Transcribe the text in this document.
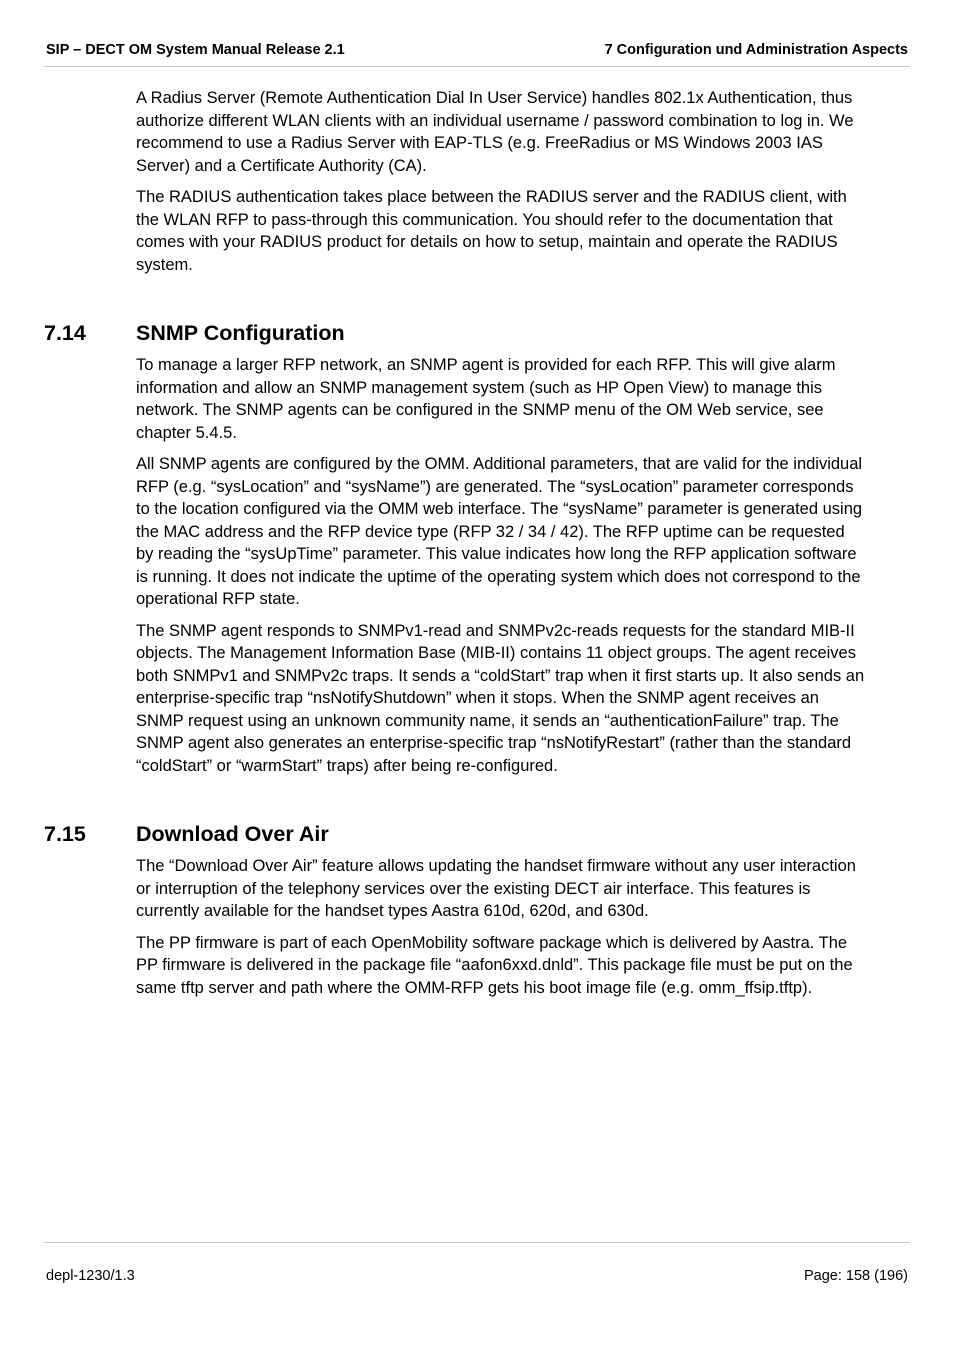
SIP – DECT OM System Manual Release 2.1	7 Configuration und Administration Aspects

A Radius Server (Remote Authentication Dial In User Service) handles 802.1x Authentication, thus authorize different WLAN clients with an individual username / password combination to log in. We recommend to use a Radius Server with EAP-TLS (e.g. FreeRadius or MS Windows 2003 IAS Server) and a Certificate Authority (CA).

The RADIUS authentication takes place between the RADIUS server and the RADIUS client, with the WLAN RFP to pass-through this communication. You should refer to the documentation that comes with your RADIUS product for details on how to setup, maintain and operate the RADIUS system.

7.14 SNMP Configuration

To manage a larger RFP network, an SNMP agent is provided for each RFP. This will give alarm information and allow an SNMP management system (such as HP Open View) to manage this network. The SNMP agents can be configured in the SNMP menu of the OM Web service, see chapter 5.4.5.

All SNMP agents are configured by the OMM. Additional parameters, that are valid for the individual RFP (e.g. “sysLocation” and “sysName”) are generated. The “sysLocation” parameter corresponds to the location configured via the OMM web interface. The “sysName” parameter is generated using the MAC address and the RFP device type (RFP 32 / 34 / 42). The RFP uptime can be requested by reading the “sysUpTime” parameter. This value indicates how long the RFP application software is running. It does not indicate the uptime of the operating system which does not correspond to the operational RFP state.

The SNMP agent responds to SNMPv1-read and SNMPv2c-reads requests for the standard MIB-II objects. The Management Information Base (MIB-II) contains 11 object groups. The agent receives both SNMPv1 and SNMPv2c traps. It sends a “coldStart” trap when it first starts up. It also sends an enterprise-specific trap “nsNotifyShutdown” when it stops. When the SNMP agent receives an SNMP request using an unknown community name, it sends an “authenticationFailure” trap. The SNMP agent also generates an enterprise-specific trap “nsNotifyRestart” (rather than the standard “coldStart” or “warmStart” traps) after being re-configured.

7.15 Download Over Air

The “Download Over Air” feature allows updating the handset firmware without any user interaction or interruption of the telephony services over the existing DECT air interface. This features is currently available for the handset types Aastra 610d, 620d, and 630d.

The PP firmware is part of each OpenMobility software package which is delivered by Aastra. The PP firmware is delivered in the package file “aafon6xxd.dnld”. This package file must be put on the same tftp server and path where the OMM-RFP gets his boot image file (e.g. omm_ffsip.tftp).

depl-1230/1.3	Page: 158 (196)
